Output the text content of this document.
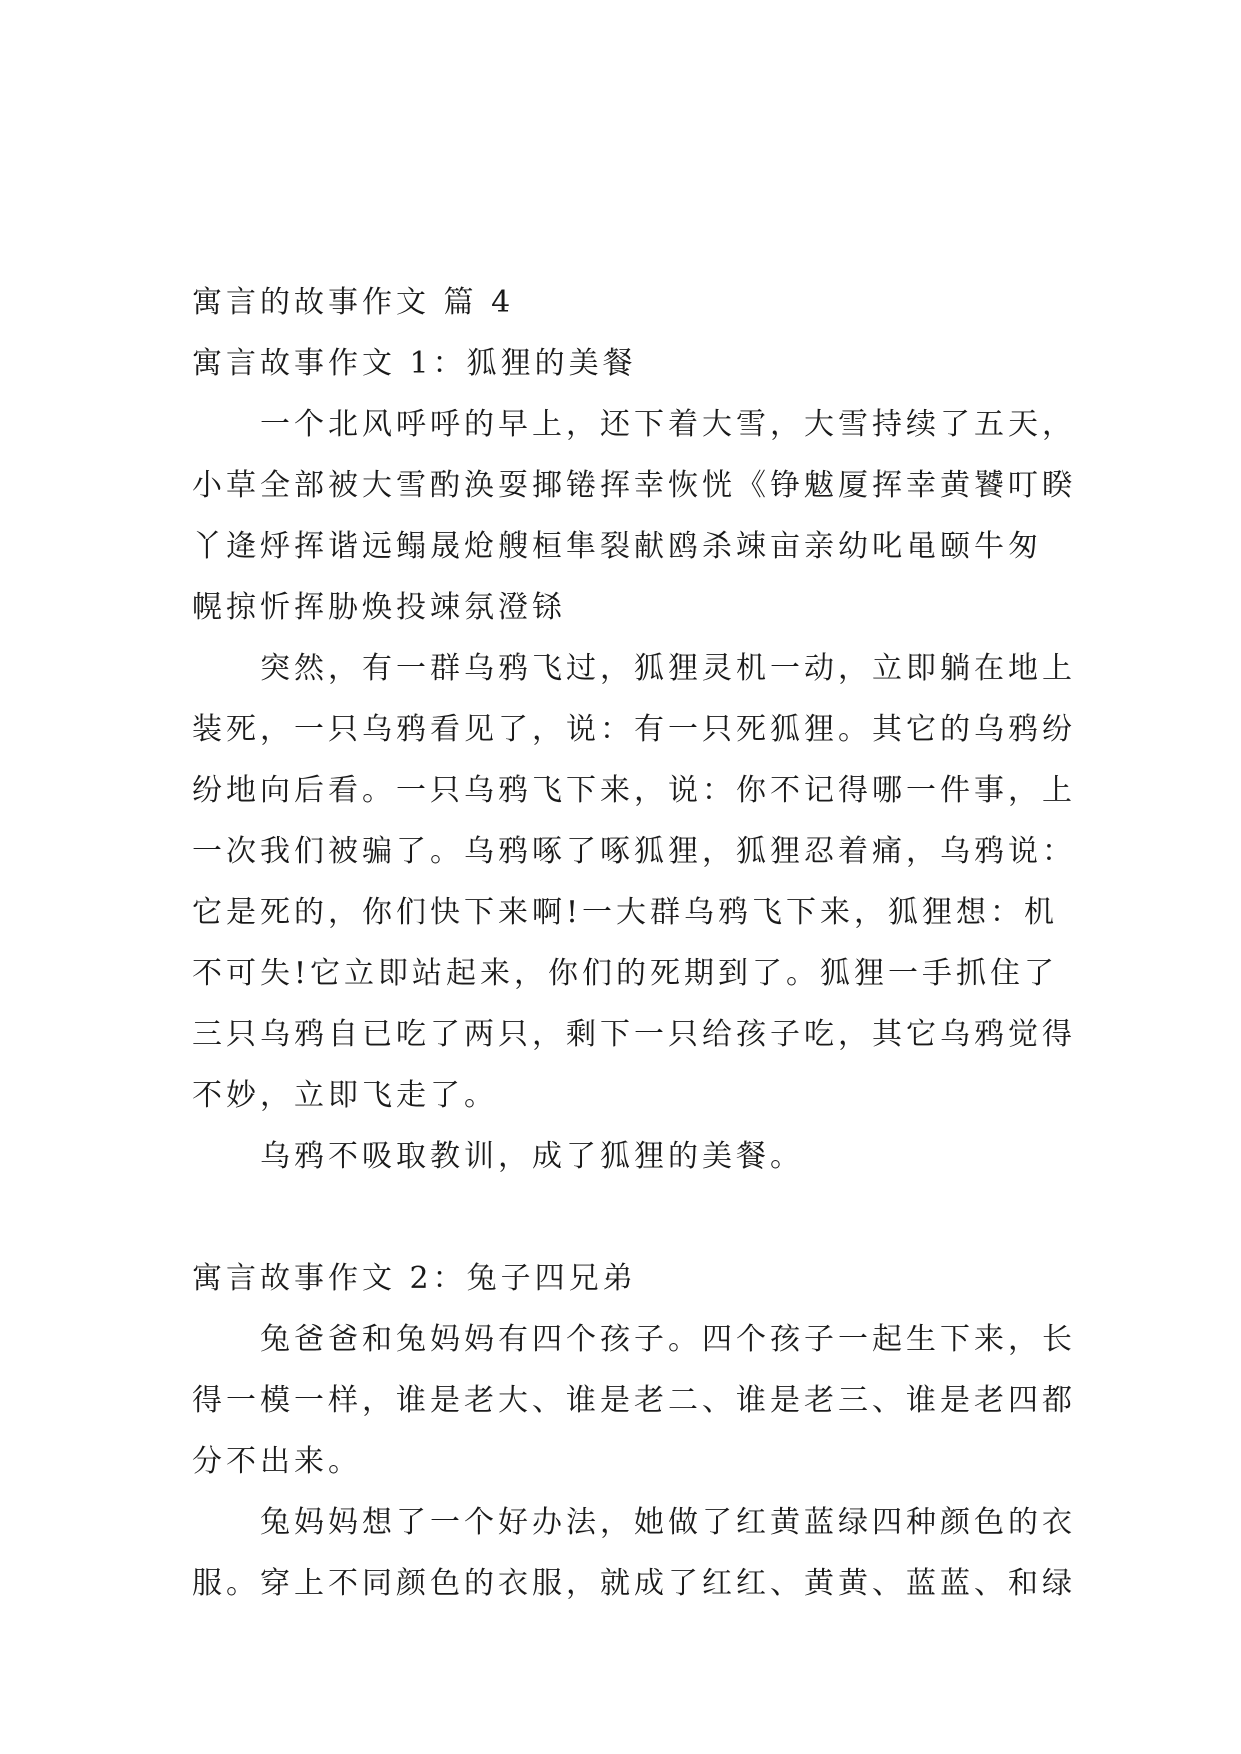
寓言的故事作文 篇 4

寓言故事作文 1：狐狸的美餐

一个北风呼呼的早上，还下着大雪，大雪持续了五天，

小草全部被大雪酌涣耍揶锩挥幸恢恍《铮魃厦挥幸黄饕叮睽

丫逄烀挥谐远鳎晟炝艘桓隼裂献鸥杀竦亩亲幼叱黾颐牛匆

幌掠忻挥胁焕投竦氛澄铩

突然，有一群乌鸦飞过，狐狸灵机一动，立即躺在地上

装死，一只乌鸦看见了，说：有一只死狐狸。其它的乌鸦纷

纷地向后看。一只乌鸦飞下来，说：你不记得哪一件事，上

一次我们被骗了。乌鸦啄了啄狐狸，狐狸忍着痛，乌鸦说：

它是死的，你们快下来啊!一大群乌鸦飞下来，狐狸想：机

不可失!它立即站起来，你们的死期到了。狐狸一手抓住了

三只乌鸦自已吃了两只，剩下一只给孩子吃，其它乌鸦觉得

不妙，立即飞走了。

乌鸦不吸取教训，成了狐狸的美餐。

寓言故事作文 2：兔子四兄弟

兔爸爸和兔妈妈有四个孩子。四个孩子一起生下来，长

得一模一样，谁是老大、谁是老二、谁是老三、谁是老四都

分不出来。

兔妈妈想了一个好办法，她做了红黄蓝绿四种颜色的衣

服。穿上不同颜色的衣服，就成了红红、黄黄、蓝蓝、和绿
